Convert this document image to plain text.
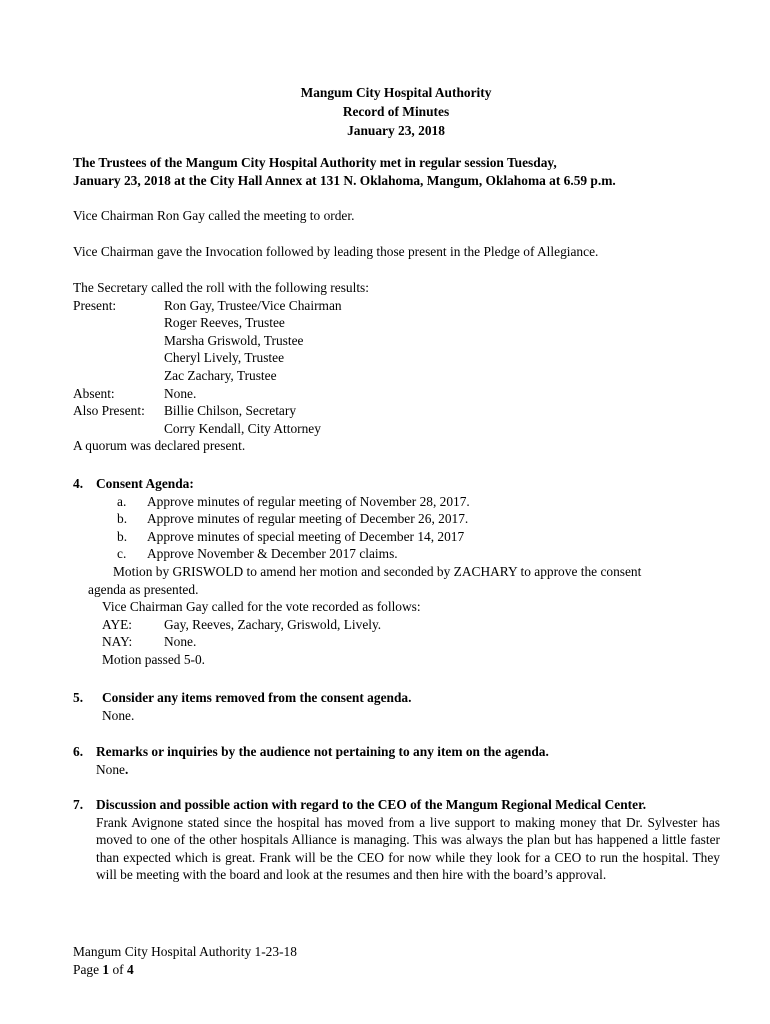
Mangum City Hospital Authority
Record of Minutes
January 23, 2018
The Trustees of the Mangum City Hospital Authority met in regular session Tuesday,
January 23, 2018 at the City Hall Annex at 131 N. Oklahoma, Mangum, Oklahoma at 6.59 p.m.
Vice Chairman Ron Gay called the meeting to order.
Vice Chairman gave the Invocation followed by leading those present in the Pledge of Allegiance.
The Secretary called the roll with the following results:
Present:	Ron Gay, Trustee/Vice Chairman
Roger Reeves, Trustee
Marsha Griswold, Trustee
Cheryl Lively, Trustee
Zac Zachary, Trustee
Absent:	None.
Also Present:	Billie Chilson, Secretary
Corry Kendall, City Attorney
A quorum was declared present.
4. Consent Agenda:
a.	Approve minutes of regular meeting of November 28, 2017.
b.	Approve minutes of regular meeting of December 26, 2017.
b.	Approve minutes of special meeting of December 14, 2017
c.	Approve November & December 2017 claims.
Motion by GRISWOLD to amend her motion and seconded by ZACHARY to approve the consent
agenda as presented.
Vice Chairman Gay called for the vote recorded as follows:
AYE:	Gay, Reeves, Zachary, Griswold, Lively.
NAY:	None.
Motion passed 5-0.
5.	Consider any items removed from the consent agenda.
None.
6. Remarks or inquiries by the audience not pertaining to any item on the agenda.
None.
7. Discussion and possible action with regard to the CEO of the Mangum Regional Medical Center.
Frank Avignone stated since the hospital has moved from a live support to making money that Dr. Sylvester has moved to one of the other hospitals Alliance is managing. This was always the plan but has happened a little faster than expected which is great. Frank will be the CEO for now while they look for a CEO to run the hospital. They will be meeting with the board and look at the resumes and then hire with the board’s approval.
Mangum City Hospital Authority 1-23-18
Page 1 of 4
